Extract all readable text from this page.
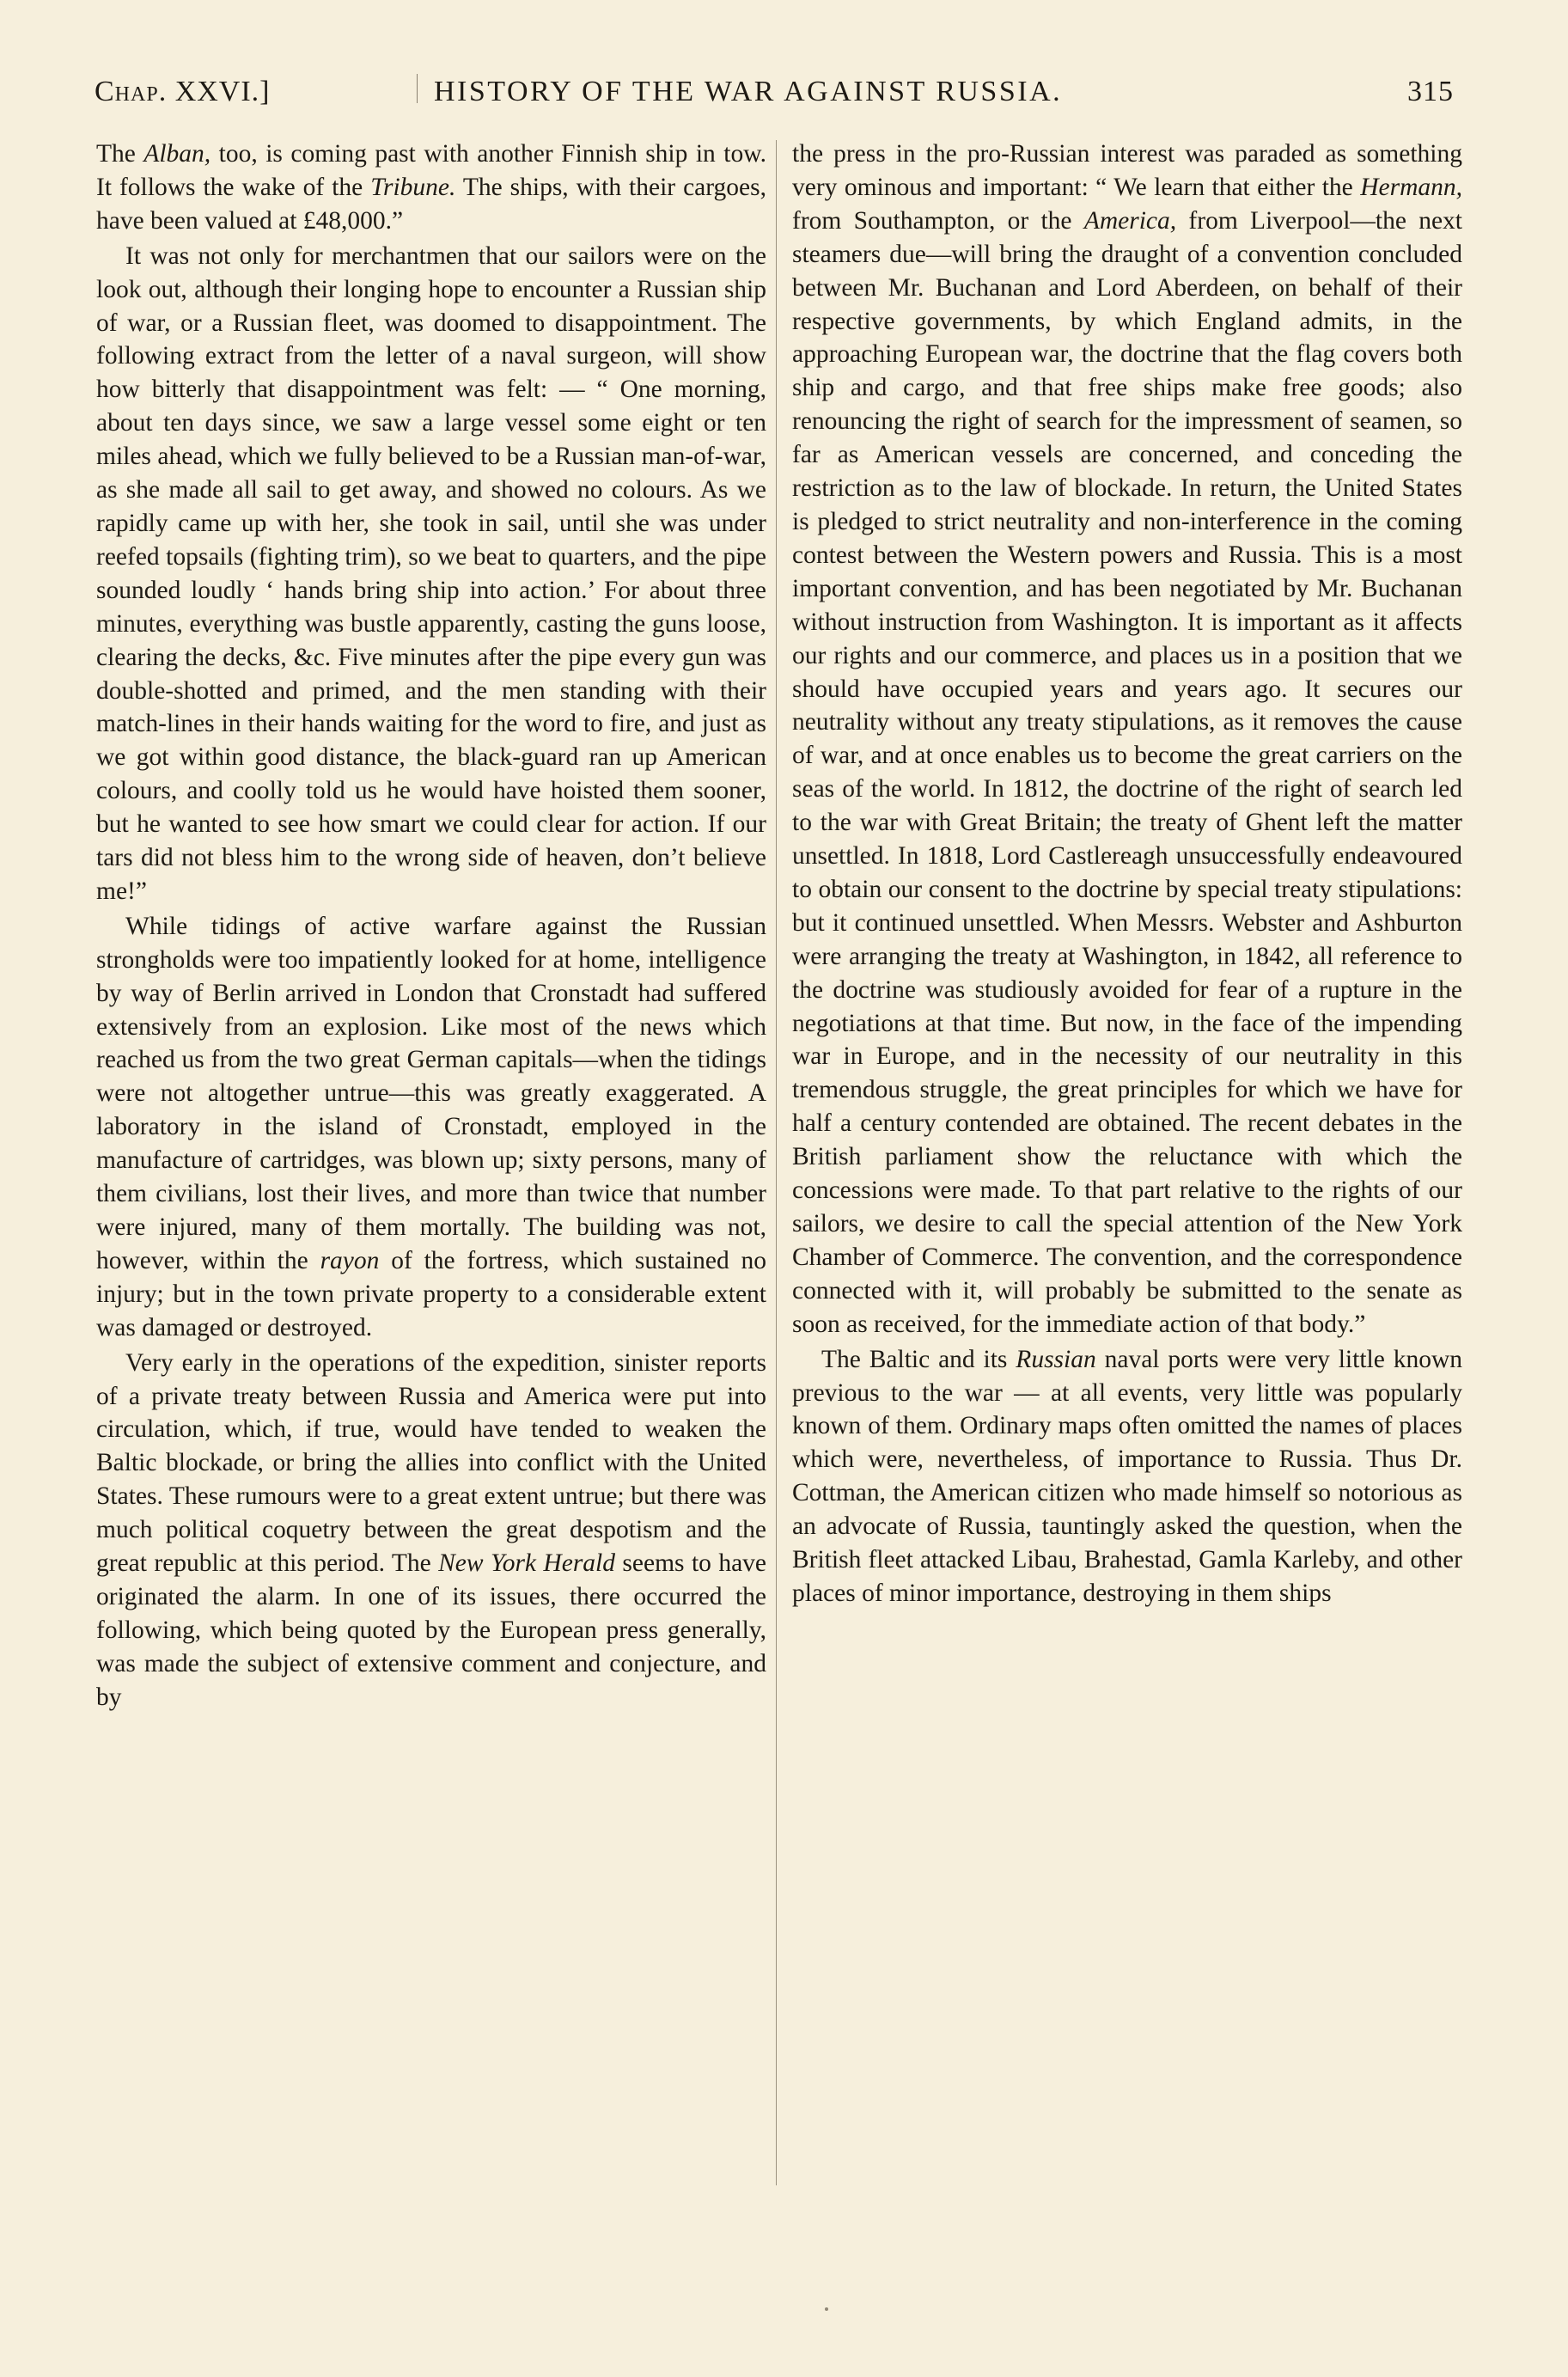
Chap. XXVI.]	HISTORY OF THE WAR AGAINST RUSSIA.	315

The Alban, too, is coming past with another Finnish ship in tow. It follows the wake of the Tribune. The ships, with their cargoes, have been valued at £48,000.”

It was not only for merchantmen that our sailors were on the look out, although their longing hope to encounter a Russian ship of war, or a Russian fleet, was doomed to disappointment. The following extract from the letter of a naval surgeon, will show how bitterly that disappointment was felt: — “ One morning, about ten days since, we saw a large vessel some eight or ten miles ahead, which we fully believed to be a Russian man-of-war, as she made all sail to get away, and showed no colours. As we rapidly came up with her, she took in sail, until she was under reefed topsails (fighting trim), so we beat to quarters, and the pipe sounded loudly ‘ hands bring ship into action.’ For about three minutes, everything was bustle apparently, casting the guns loose, clearing the decks, &c. Five minutes after the pipe every gun was double-shotted and primed, and the men standing with their match-lines in their hands waiting for the word to fire, and just as we got within good distance, the black-guard ran up American colours, and coolly told us he would have hoisted them sooner, but he wanted to see how smart we could clear for action. If our tars did not bless him to the wrong side of heaven, don’t believe me!”

While tidings of active warfare against the Russian strongholds were too impatiently looked for at home, intelligence by way of Berlin arrived in London that Cronstadt had suffered extensively from an explosion. Like most of the news which reached us from the two great German capitals—when the tidings were not altogether untrue—this was greatly exaggerated. A laboratory in the island of Cronstadt, employed in the manufacture of cartridges, was blown up; sixty persons, many of them civilians, lost their lives, and more than twice that number were injured, many of them mortally. The building was not, however, within the rayon of the fortress, which sustained no injury; but in the town private property to a considerable extent was damaged or destroyed.

Very early in the operations of the expedition, sinister reports of a private treaty between Russia and America were put into circulation, which, if true, would have tended to weaken the Baltic blockade, or bring the allies into conflict with the United States. These rumours were to a great extent untrue; but there was much political coquetry between the great despotism and the great republic at this period. The New York Herald seems to have originated the alarm. In one of its issues, there occurred the following, which being quoted by the European press generally, was made the subject of extensive comment and conjecture, and by

the press in the pro-Russian interest was paraded as something very ominous and important: “ We learn that either the Hermann, from Southampton, or the America, from Liverpool—the next steamers due—will bring the draught of a convention concluded between Mr. Buchanan and Lord Aberdeen, on behalf of their respective governments, by which England admits, in the approaching European war, the doctrine that the flag covers both ship and cargo, and that free ships make free goods; also renouncing the right of search for the impressment of seamen, so far as American vessels are concerned, and conceding the restriction as to the law of blockade. In return, the United States is pledged to strict neutrality and non-interference in the coming contest between the Western powers and Russia. This is a most important convention, and has been negotiated by Mr. Buchanan without instruction from Washington. It is important as it affects our rights and our commerce, and places us in a position that we should have occupied years and years ago. It secures our neutrality without any treaty stipulations, as it removes the cause of war, and at once enables us to become the great carriers on the seas of the world. In 1812, the doctrine of the right of search led to the war with Great Britain; the treaty of Ghent left the matter unsettled. In 1818, Lord Castlereagh unsuccessfully endeavoured to obtain our consent to the doctrine by special treaty stipulations: but it continued unsettled. When Messrs. Webster and Ashburton were arranging the treaty at Washington, in 1842, all reference to the doctrine was studiously avoided for fear of a rupture in the negotiations at that time. But now, in the face of the impending war in Europe, and in the necessity of our neutrality in this tremendous struggle, the great principles for which we have for half a century contended are obtained. The recent debates in the British parliament show the reluctance with which the concessions were made. To that part relative to the rights of our sailors, we desire to call the special attention of the New York Chamber of Commerce. The convention, and the correspondence connected with it, will probably be submitted to the senate as soon as received, for the immediate action of that body.”

The Baltic and its Russian naval ports were very little known previous to the war — at all events, very little was popularly known of them. Ordinary maps often omitted the names of places which were, nevertheless, of importance to Russia. Thus Dr. Cottman, the American citizen who made himself so notorious as an advocate of Russia, tauntingly asked the question, when the British fleet attacked Libau, Brahestad, Gamla Karleby, and other places of minor importance, destroying in them ships
